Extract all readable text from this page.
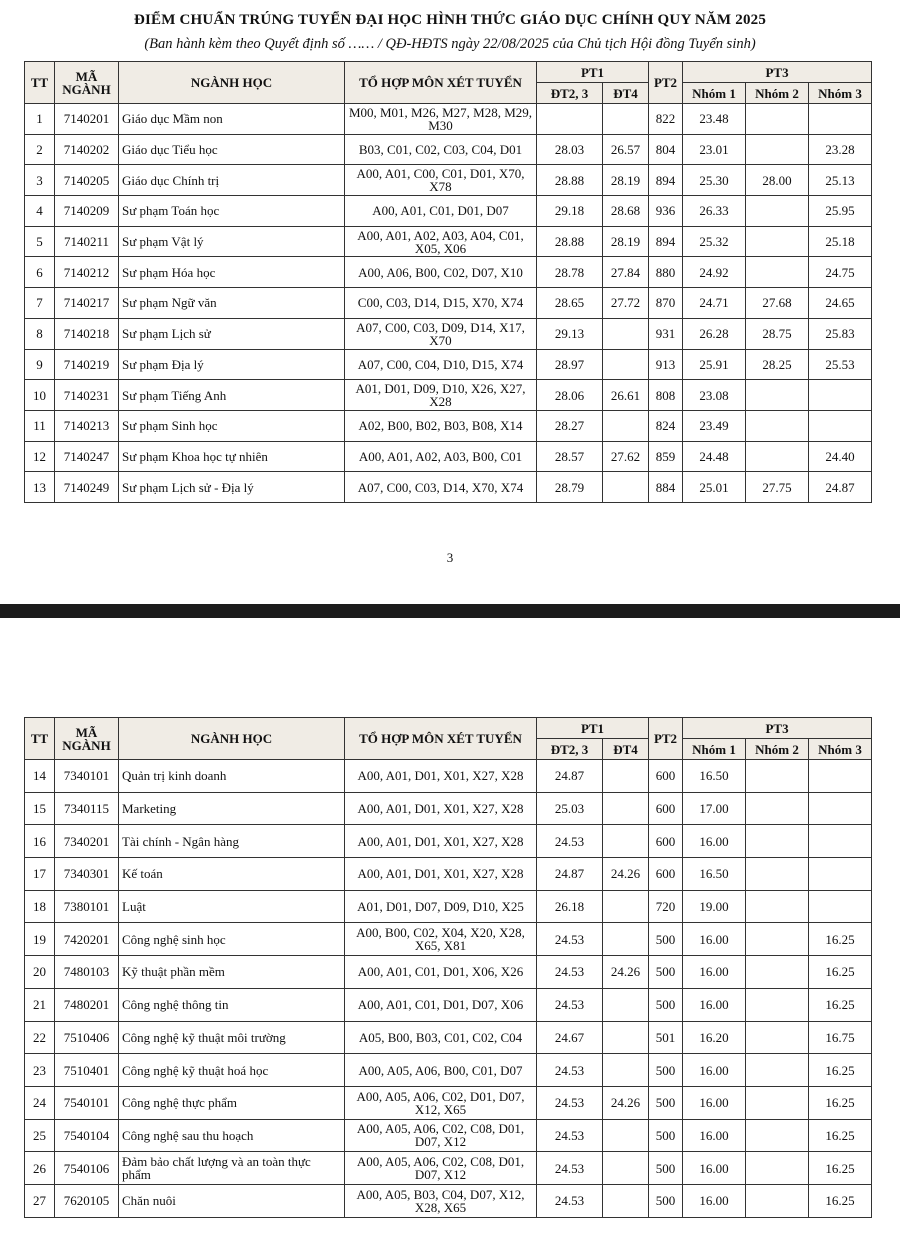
ĐIỂM CHUẨN TRÚNG TUYỂN ĐẠI HỌC HÌNH THỨC GIÁO DỤC CHÍNH QUY NĂM 2025
(Ban hành kèm theo Quyết định số …… / QĐ-HĐTS ngày 22/08/2025 của Chủ tịch Hội đồng Tuyển sinh)
TT	MÃ NGÀNH	NGÀNH HỌC	TỔ HỢP MÔN XÉT TUYỂN	PT1		PT2	PT3		
				ĐT2, 3	ĐT4		Nhóm 1	Nhóm 2	Nhóm 3
1	7140201	Giáo dục Mầm non	M00, M01, M26, M27, M28, M29, M30			822	23.48		
2	7140202	Giáo dục Tiểu học	B03, C01, C02, C03, C04, D01	28.03	26.57	804	23.01		23.28
3	7140205	Giáo dục Chính trị	A00, A01, C00, C01, D01, X70, X78	28.88	28.19	894	25.30	28.00	25.13
4	7140209	Sư phạm Toán học	A00, A01, C01, D01, D07	29.18	28.68	936	26.33		25.95
5	7140211	Sư phạm Vật lý	A00, A01, A02, A03, A04, C01, X05, X06	28.88	28.19	894	25.32		25.18
6	7140212	Sư phạm Hóa học	A00, A06, B00, C02, D07, X10	28.78	27.84	880	24.92		24.75
7	7140217	Sư phạm Ngữ văn	C00, C03, D14, D15, X70, X74	28.65	27.72	870	24.71	27.68	24.65
8	7140218	Sư phạm Lịch sử	A07, C00, C03, D09, D14, X17, X70	29.13		931	26.28	28.75	25.83
9	7140219	Sư phạm Địa lý	A07, C00, C04, D10, D15, X74	28.97		913	25.91	28.25	25.53
10	7140231	Sư phạm Tiếng Anh	A01, D01, D09, D10, X26, X27, X28	28.06	26.61	808	23.08		
11	7140213	Sư phạm Sinh học	A02, B00, B02, B03, B08, X14	28.27		824	23.49		
12	7140247	Sư phạm Khoa học tự nhiên	A00, A01, A02, A03, B00, C01	28.57	27.62	859	24.48		24.40
13	7140249	Sư phạm Lịch sử - Địa lý	A07, C00, C03, D14, X70, X74	28.79		884	25.01	27.75	24.87
3
TT	MÃ NGÀNH	NGÀNH HỌC	TỔ HỢP MÔN XÉT TUYỂN	PT1		PT2	PT3		
				ĐT2, 3	ĐT4		Nhóm 1	Nhóm 2	Nhóm 3
14	7340101	Quản trị kinh doanh	A00, A01, D01, X01, X27, X28	24.87		600	16.50		
15	7340115	Marketing	A00, A01, D01, X01, X27, X28	25.03		600	17.00		
16	7340201	Tài chính - Ngân hàng	A00, A01, D01, X01, X27, X28	24.53		600	16.00		
17	7340301	Kế toán	A00, A01, D01, X01, X27, X28	24.87	24.26	600	16.50		
18	7380101	Luật	A01, D01, D07, D09, D10, X25	26.18		720	19.00		
19	7420201	Công nghệ sinh học	A00, B00, C02, X04, X20, X28, X65, X81	24.53		500	16.00		16.25
20	7480103	Kỹ thuật phần mềm	A00, A01, C01, D01, X06, X26	24.53	24.26	500	16.00		16.25
21	7480201	Công nghệ thông tin	A00, A01, C01, D01, D07, X06	24.53		500	16.00		16.25
22	7510406	Công nghệ kỹ thuật môi trường	A05, B00, B03, C01, C02, C04	24.67		501	16.20		16.75
23	7510401	Công nghệ kỹ thuật hoá học	A00, A05, A06, B00, C01, D07	24.53		500	16.00		16.25
24	7540101	Công nghệ thực phẩm	A00, A05, A06, C02, D01, D07, X12, X65	24.53	24.26	500	16.00		16.25
25	7540104	Công nghệ sau thu hoạch	A00, A05, A06, C02, C08, D01, D07, X12	24.53		500	16.00		16.25
26	7540106	Đảm bảo chất lượng và an toàn thực phẩm	A00, A05, A06, C02, C08, D01, D07, X12	24.53		500	16.00		16.25
27	7620105	Chăn nuôi	A00, A05, B03, C04, D07, X12, X28, X65	24.53		500	16.00		16.25
